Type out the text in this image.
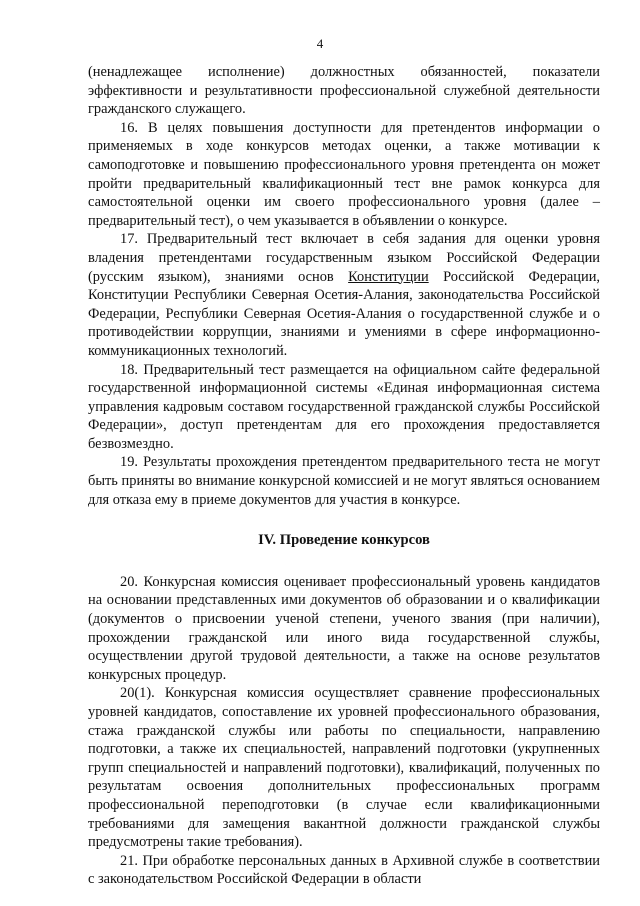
4

(ненадлежащее исполнение) должностных обязанностей, показатели эффективности и результативности профессиональной служебной деятельности гражданского служащего.

16. В целях повышения доступности для претендентов информации о применяемых в ходе конкурсов методах оценки, а также мотивации к самоподготовке и повышению профессионального уровня претендента он может пройти предварительный квалификационный тест вне рамок конкурса для самостоятельной оценки им своего профессионального уровня (далее – предварительный тест), о чем указывается в объявлении о конкурсе.

17. Предварительный тест включает в себя задания для оценки уровня владения претендентами государственным языком Российской Федерации (русским языком), знаниями основ Конституции Российской Федерации, Конституции Республики Северная Осетия-Алания, законодательства Российской Федерации, Республики Северная Осетия-Алания о государственной службе и о противодействии коррупции, знаниями и умениями в сфере информационно-коммуникационных технологий.

18. Предварительный тест размещается на официальном сайте федеральной государственной информационной системы «Единая информационная система управления кадровым составом государственной гражданской службы Российской Федерации», доступ претендентам для его прохождения предоставляется безвозмездно.

19. Результаты прохождения претендентом предварительного теста не могут быть приняты во внимание конкурсной комиссией и не могут являться основанием для отказа ему в приеме документов для участия в конкурсе.

IV. Проведение конкурсов

20. Конкурсная комиссия оценивает профессиональный уровень кандидатов на основании представленных ими документов об образовании и о квалификации (документов о присвоении ученой степени, ученого звания (при наличии), прохождении гражданской или иного вида государственной службы, осуществлении другой трудовой деятельности, а также на основе результатов конкурсных процедур.

20(1). Конкурсная комиссия осуществляет сравнение профессиональных уровней кандидатов, сопоставление их уровней профессионального образования, стажа гражданской службы или работы по специальности, направлению подготовки, а также их специальностей, направлений подготовки (укрупненных групп специальностей и направлений подготовки), квалификаций, полученных по результатам освоения дополнительных профессиональных программ профессиональной переподготовки (в случае если квалификационными требованиями для замещения вакантной должности гражданской службы предусмотрены такие требования).

21. При обработке персональных данных в Архивной службе в соответствии с законодательством Российской Федерации в области
